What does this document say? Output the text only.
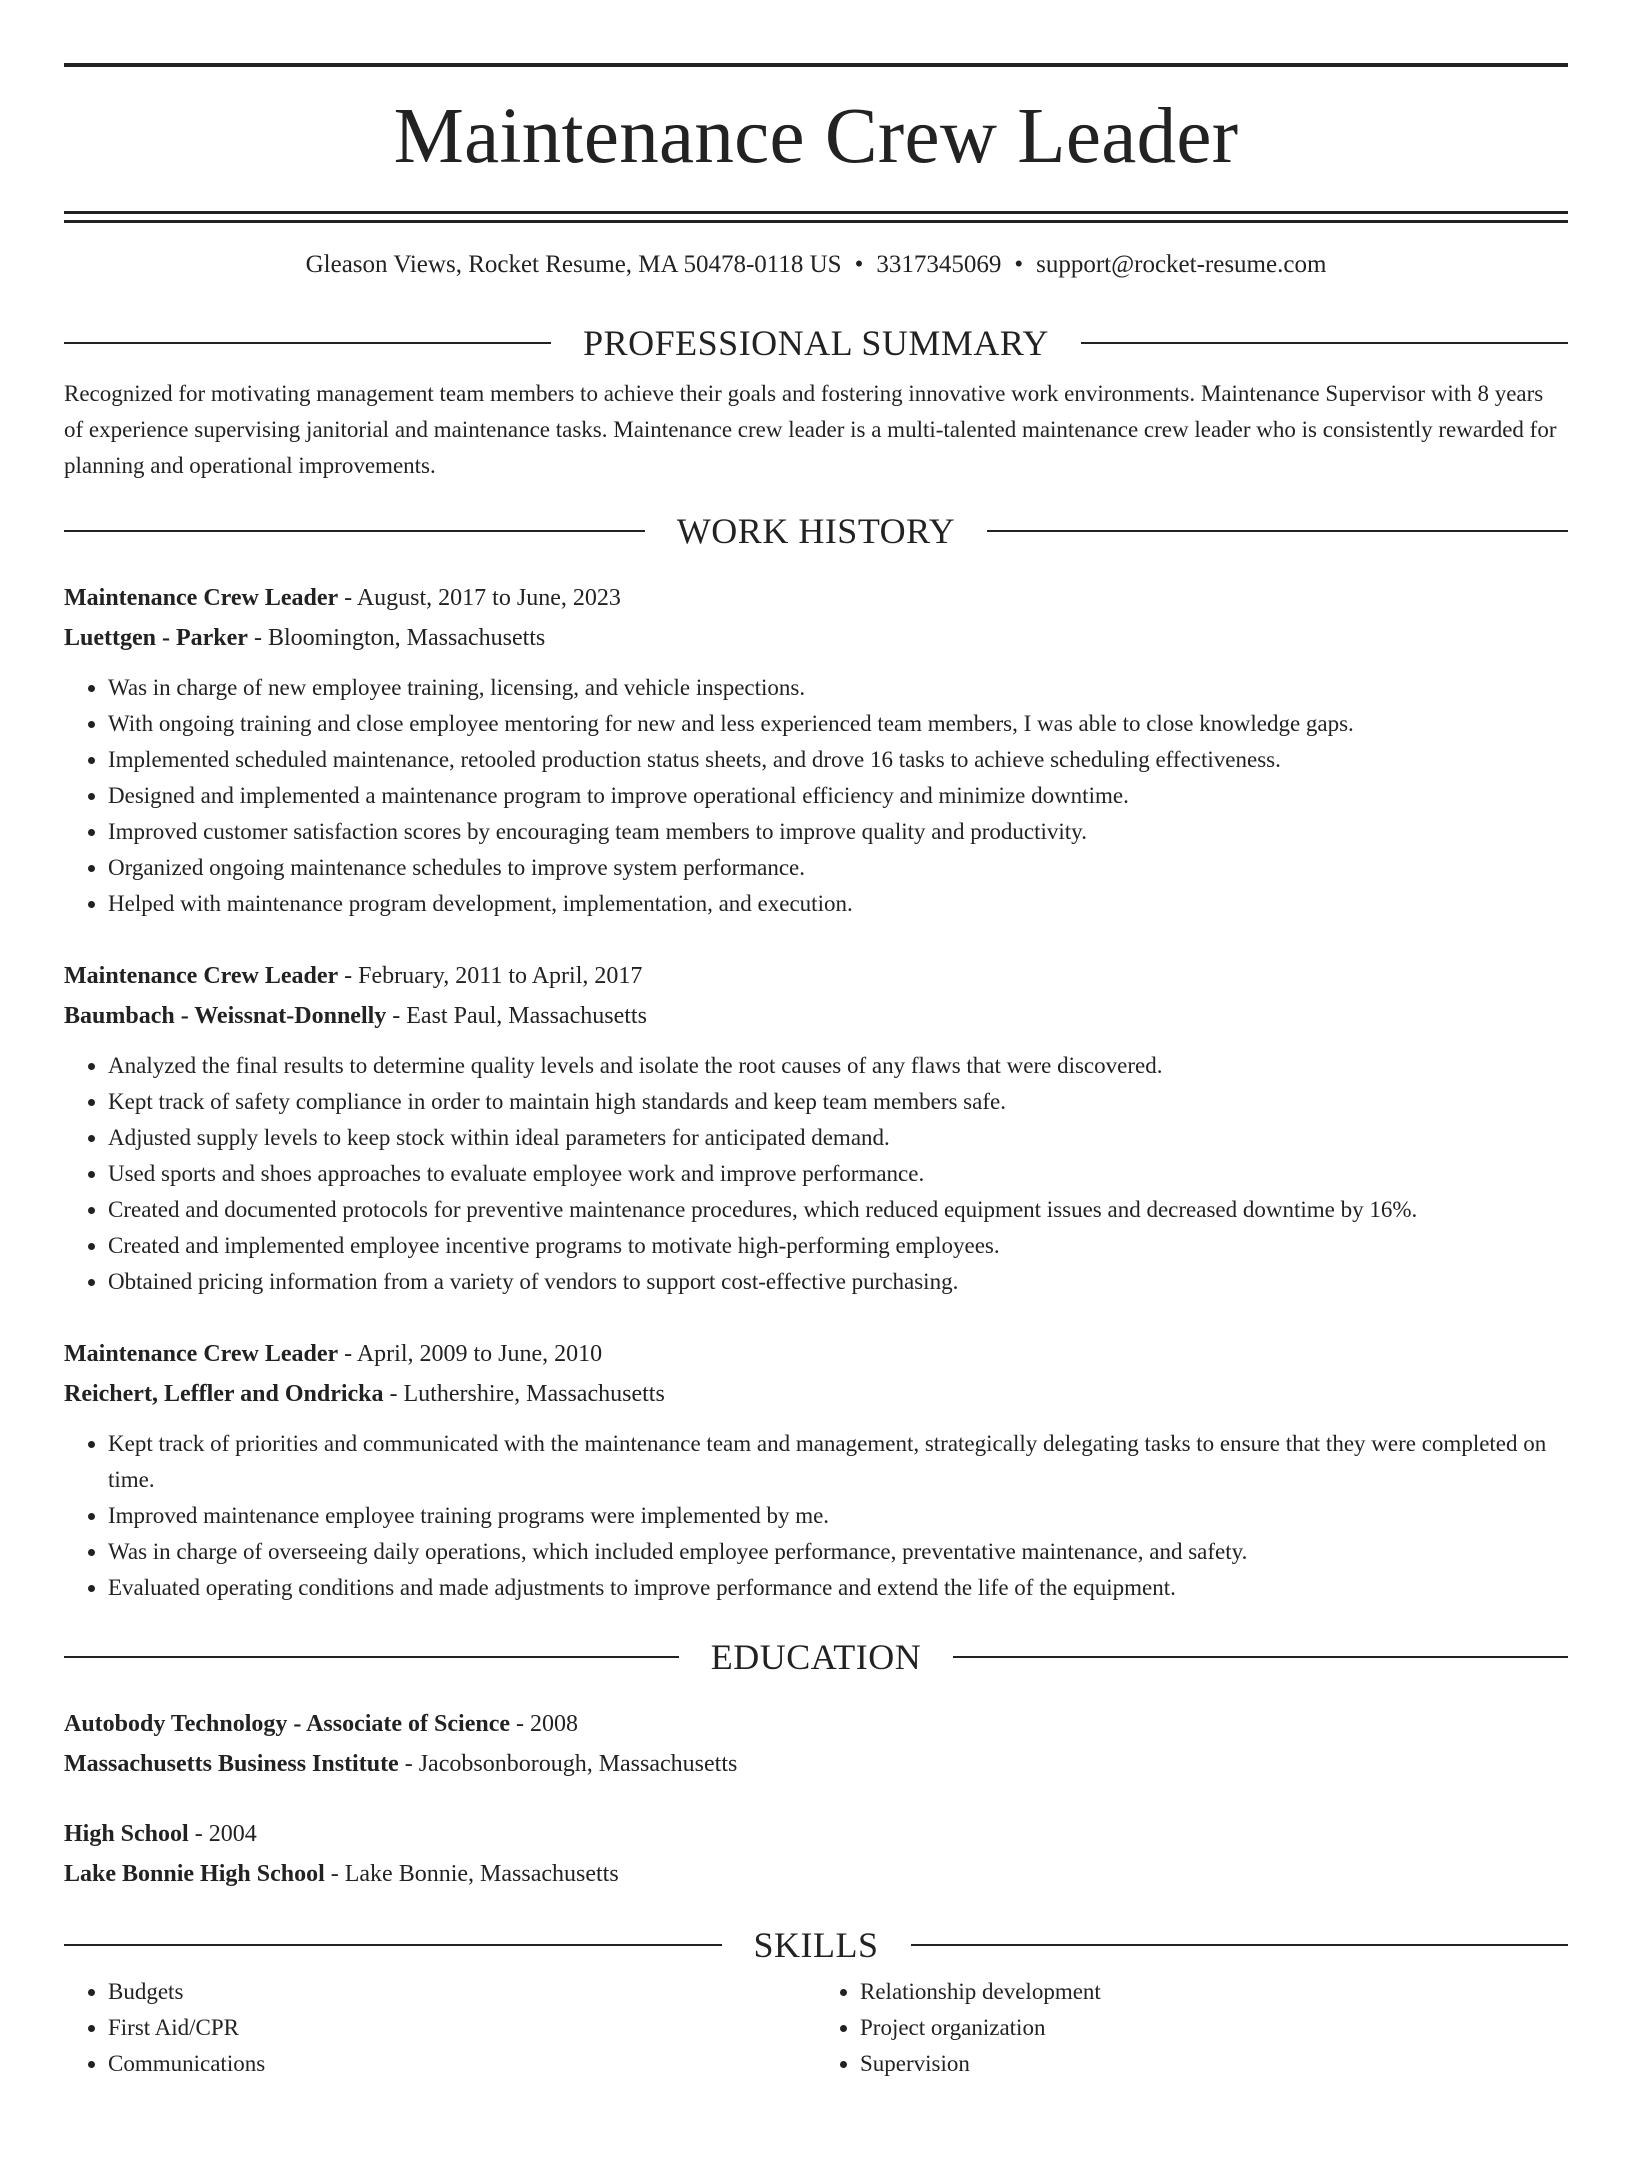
Maintenance Crew Leader
Gleason Views, Rocket Resume, MA 50478-0118 US • 3317345069 • support@rocket-resume.com
PROFESSIONAL SUMMARY

Recognized for motivating management team members to achieve their goals and fostering innovative work environments. Maintenance Supervisor with 8 years of experience supervising janitorial and maintenance tasks. Maintenance crew leader is a multi-talented maintenance crew leader who is consistently rewarded for planning and operational improvements.

WORK HISTORY
Maintenance Crew Leader - August, 2017 to June, 2023
Luettgen - Parker - Bloomington, Massachusetts
• Was in charge of new employee training, licensing, and vehicle inspections.
• With ongoing training and close employee mentoring for new and less experienced team members, I was able to close knowledge gaps.
• Implemented scheduled maintenance, retooled production status sheets, and drove 16 tasks to achieve scheduling effectiveness.
• Designed and implemented a maintenance program to improve operational efficiency and minimize downtime.
• Improved customer satisfaction scores by encouraging team members to improve quality and productivity.
• Organized ongoing maintenance schedules to improve system performance.
• Helped with maintenance program development, implementation, and execution.
Maintenance Crew Leader - February, 2011 to April, 2017
Baumbach - Weissnat-Donnelly - East Paul, Massachusetts
• Analyzed the final results to determine quality levels and isolate the root causes of any flaws that were discovered.
• Kept track of safety compliance in order to maintain high standards and keep team members safe.
• Adjusted supply levels to keep stock within ideal parameters for anticipated demand.
• Used sports and shoes approaches to evaluate employee work and improve performance.
• Created and documented protocols for preventive maintenance procedures, which reduced equipment issues and decreased downtime by 16%.
• Created and implemented employee incentive programs to motivate high-performing employees.
• Obtained pricing information from a variety of vendors to support cost-effective purchasing.
Maintenance Crew Leader - April, 2009 to June, 2010
Reichert, Leffler and Ondricka - Luthershire, Massachusetts
• Kept track of priorities and communicated with the maintenance team and management, strategically delegating tasks to ensure that they were completed on time.
• Improved maintenance employee training programs were implemented by me.
• Was in charge of overseeing daily operations, which included employee performance, preventative maintenance, and safety.
• Evaluated operating conditions and made adjustments to improve performance and extend the life of the equipment.
EDUCATION
Autobody Technology - Associate of Science - 2008
Massachusetts Business Institute - Jacobsonborough, Massachusetts
High School - 2004
Lake Bonnie High School - Lake Bonnie, Massachusetts
SKILLS
• Budgets
• First Aid/CPR
• Communications
• Relationship development
• Project organization
• Supervision
